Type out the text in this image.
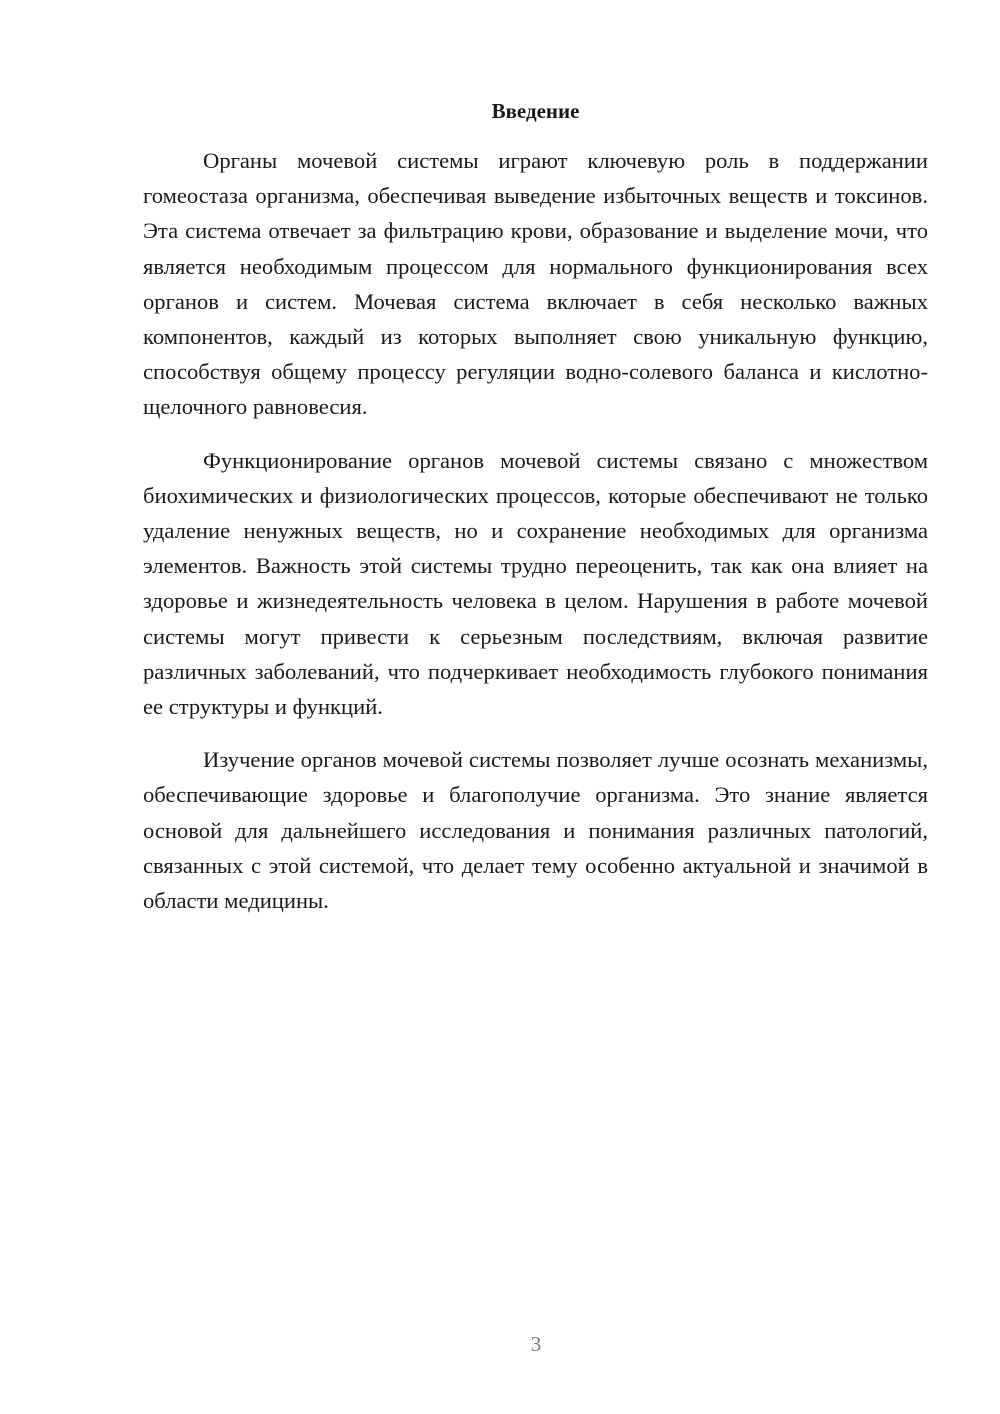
Введение

Органы мочевой системы играют ключевую роль в поддержании гомеостаза организма, обеспечивая выведение избыточных веществ и токсинов. Эта система отвечает за фильтрацию крови, образование и выделение мочи, что является необходимым процессом для нормального функционирования всех органов и систем. Мочевая система включает в себя несколько важных компонентов, каждый из которых выполняет свою уникальную функцию, способствуя общему процессу регуляции водно-солевого баланса и кислотно-щелочного равновесия.

Функционирование органов мочевой системы связано с множеством биохимических и физиологических процессов, которые обеспечивают не только удаление ненужных веществ, но и сохранение необходимых для организма элементов. Важность этой системы трудно переоценить, так как она влияет на здоровье и жизнедеятельность человека в целом. Нарушения в работе мочевой системы могут привести к серьезным последствиям, включая развитие различных заболеваний, что подчеркивает необходимость глубокого понимания ее структуры и функций.

Изучение органов мочевой системы позволяет лучше осознать механизмы, обеспечивающие здоровье и благополучие организма. Это знание является основой для дальнейшего исследования и понимания различных патологий, связанных с этой системой, что делает тему особенно актуальной и значимой в области медицины.

3
